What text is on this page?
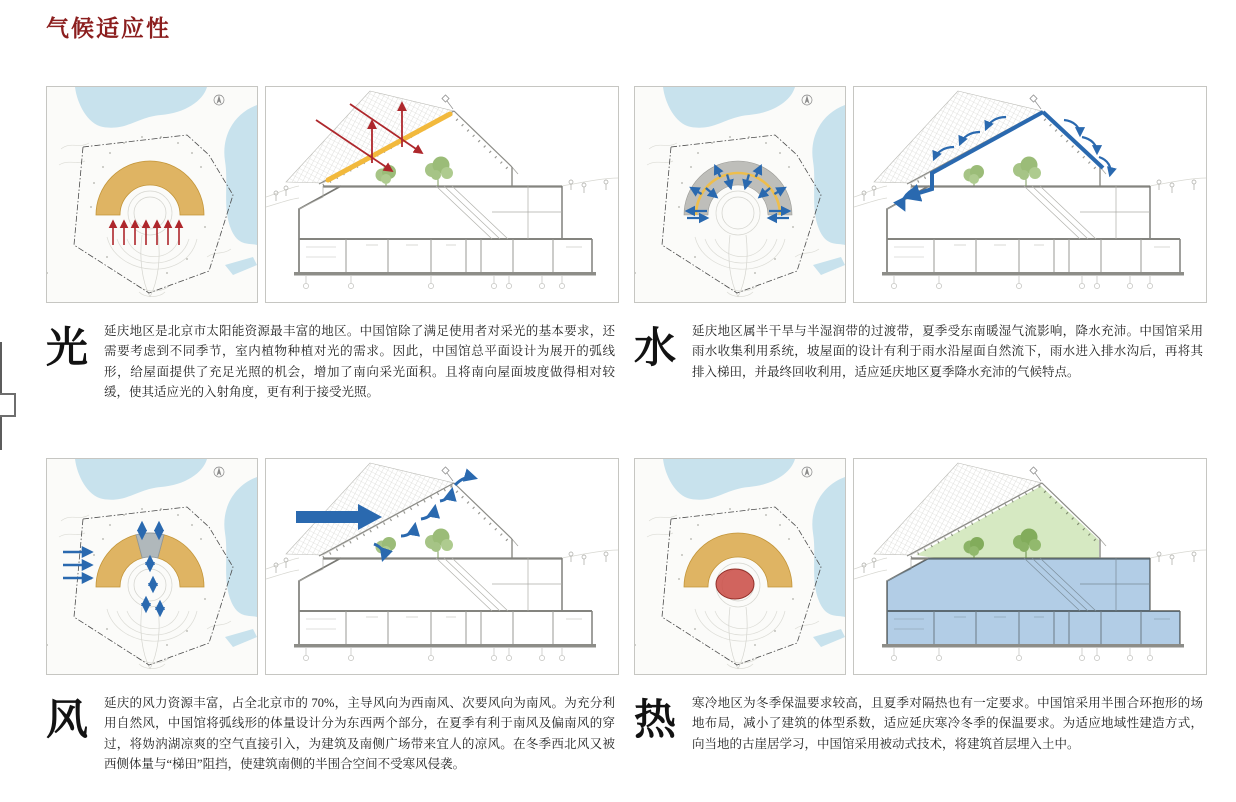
气候适应性
光	延庆地区是北京市太阳能资源最丰富的地区。中国馆除了满足使用者对采光的基本要求，还需要考虑到不同季节，室内植物种植对光的需求。因此，中国馆总平面设计为展开的弧线形，给屋面提供了充足光照的机会，增加了南向采光面积。且将南向屋面坡度做得相对较缓，使其适应光的入射角度，更有利于接受光照。

水	延庆地区属半干旱与半湿润带的过渡带，夏季受东南暖湿气流影响，降水充沛。中国馆采用雨水收集利用系统，坡屋面的设计有利于雨水沿屋面自然流下，雨水进入排水沟后，再将其排入梯田，并最终回收利用，适应延庆地区夏季降水充沛的气候特点。

风	延庆的风力资源丰富，占全北京市的 70%，主导风向为西南风、次要风向为南风。为充分利用自然风，中国馆将弧线形的体量设计分为东西两个部分，在夏季有利于南风及偏南风的穿过，将妫汭湖凉爽的空气直接引入，为建筑及南侧广场带来宜人的凉风。在冬季西北风又被西侧体量与“梯田”阻挡，使建筑南侧的半围合空间不受寒风侵袭。

热	寒冷地区为冬季保温要求较高，且夏季对隔热也有一定要求。中国馆采用半围合环抱形的场地布局，减小了建筑的体型系数，适应延庆寒冷冬季的保温要求。为适应地域性建造方式，向当地的古崖居学习，中国馆采用被动式技术，将建筑首层埋入土中。
